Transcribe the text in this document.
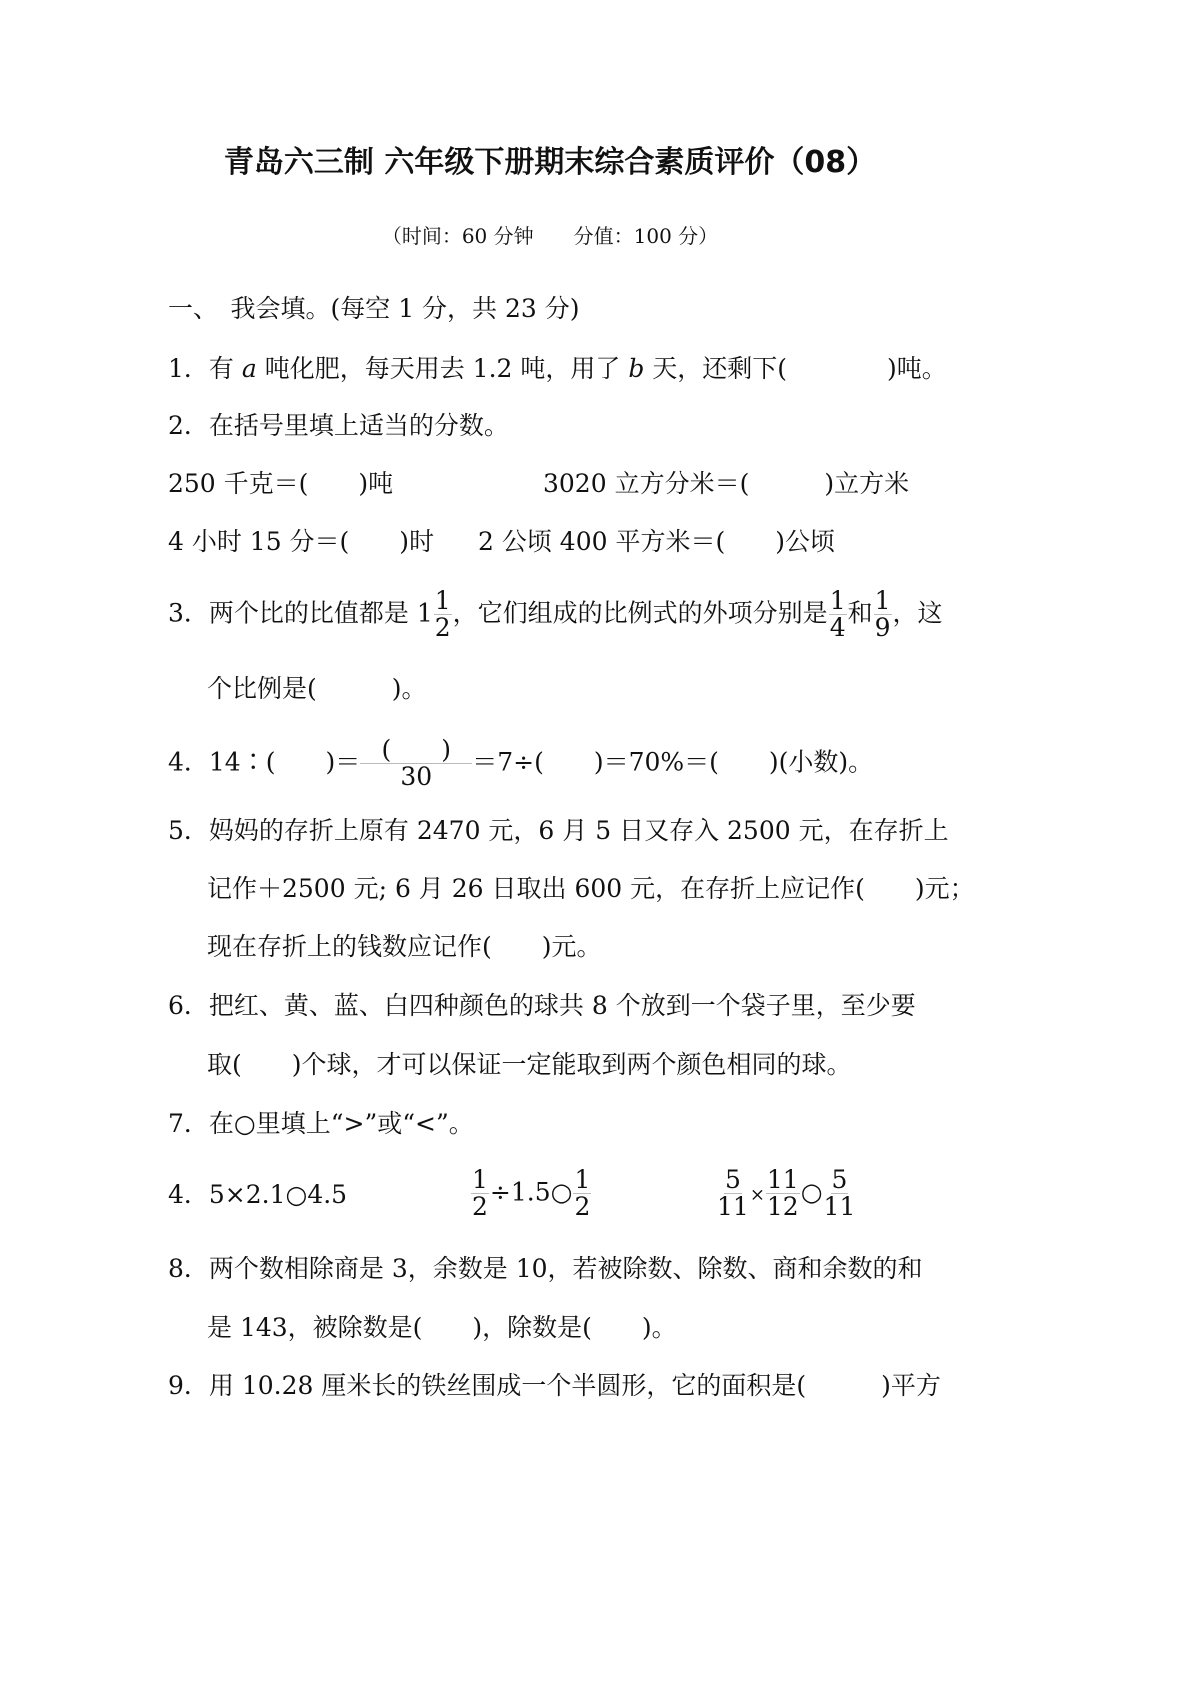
青岛六三制 六年级下册期末综合素质评价（08）
（时间：60 分钟　　分值：100 分）
一、　我会填。(每空 1 分，共 23 分)
1．有 a 吨化肥，每天用去 1.2 吨，用了 b 天，还剩下(　　　　)吨。
2．在括号里填上适当的分数。
250 千克＝(　　)吨	3020 立方分米＝(　　　)立方米
4 小时 15 分＝(　　)时 2 公顷 400 平方米＝(　　)公顷
3．两个比的比值都是 $1 \frac{1}{2}$ ，它们组成的比例式的外项分别是 $\frac{1}{4}$ 和 $\frac{1}{9}$ ，这
个比例是(　　　)。
4．14∶(　　)＝ (　　)
30
＝7÷(　　)＝70%＝(　　)(小数)。
5．妈妈的存折上原有 2470 元，6 月 5 日又存入 2500 元，在存折上
记作＋2500 元; 6 月 26 日取出 600 元，在存折上应记作(　　)元；
现在存折上的钱数应记作(　　)元。
6．把红、黄、蓝、白四种颜色的球共 8 个放到一个袋子里，至少要
取(　　)个球，才可以保证一定能取到两个颜色相同的球。
7．在○里填上“>”或“<”。
4．5×2.1○4.5	$\frac{1}{2}$ ÷1.5○ $\frac{1}{2}$	$\frac{5}{11} \times \frac{11}{12}$ ○ $\frac{5}{11}$
8．两个数相除商是 3，余数是 10，若被除数、除数、商和余数的和
是 143，被除数是(　　)，除数是(　　)。
9．用 10.28 厘米长的铁丝围成一个半圆形，它的面积是(　　　)平方
